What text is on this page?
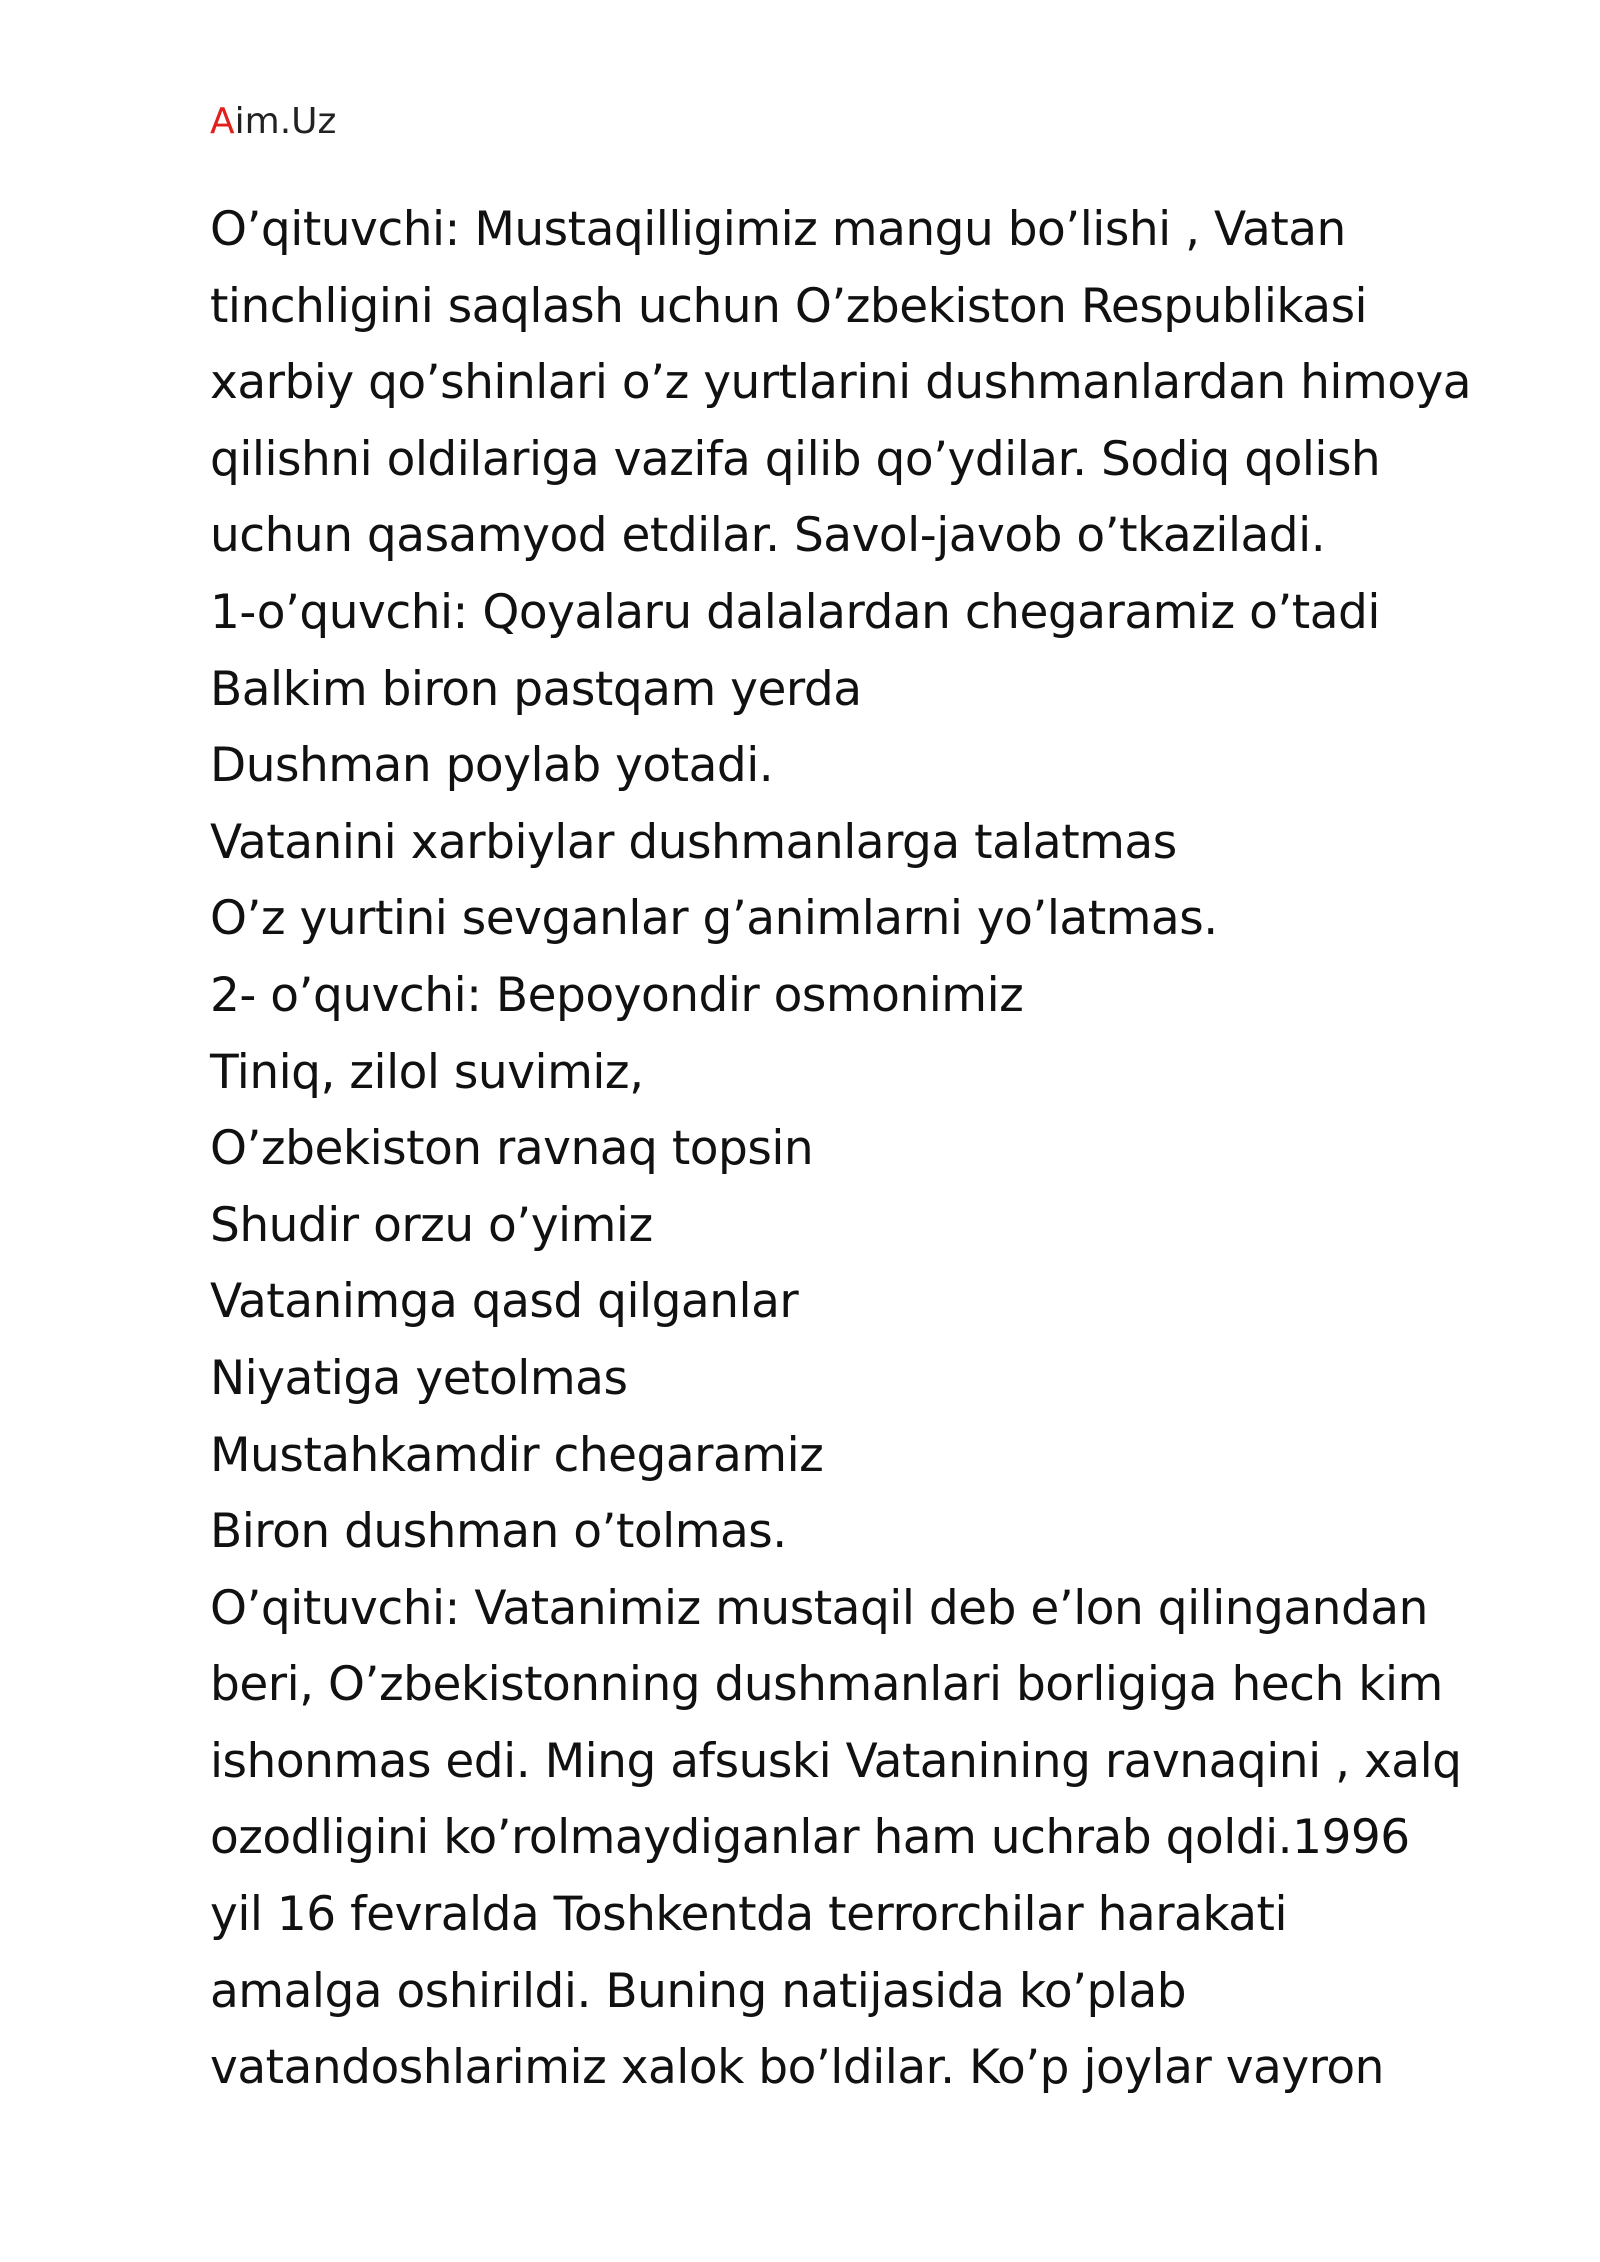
Aim.Uz
O’qituvchi: Mustaqilligimiz mangu bo’lishi , Vatan
tinchligini saqlash uchun O’zbekiston Respublikasi
xarbiy qo’shinlari o’z yurtlarini dushmanlardan himoya
qilishni oldilariga vazifa qilib qo’ydilar. Sodiq qolish
uchun qasamyod etdilar. Savol-javob o’tkaziladi.
1-o’quvchi: Qoyalaru dalalardan chegaramiz o’tadi
Balkim biron pastqam yerda
Dushman poylab yotadi.
Vatanini xarbiylar dushmanlarga talatmas
O’z yurtini sevganlar g’animlarni yo’latmas.
2- o’quvchi: Bepoyondir osmonimiz
Tiniq, zilol suvimiz,
O’zbekiston ravnaq topsin
Shudir orzu o’yimiz
Vatanimga qasd qilganlar
Niyatiga yetolmas
Mustahkamdir chegaramiz
Biron dushman o’tolmas.
O’qituvchi: Vatanimiz mustaqil deb e’lon qilingandan
beri, O’zbekistonning dushmanlari borligiga hech kim
ishonmas edi. Ming afsuski Vatanining ravnaqini , xalq
ozodligini ko’rolmaydiganlar ham uchrab qoldi.1996
yil 16 fevralda Toshkentda terrorchilar harakati
amalga oshirildi. Buning natijasida ko’plab
vatandoshlarimiz xalok bo’ldilar. Ko’p joylar vayron
